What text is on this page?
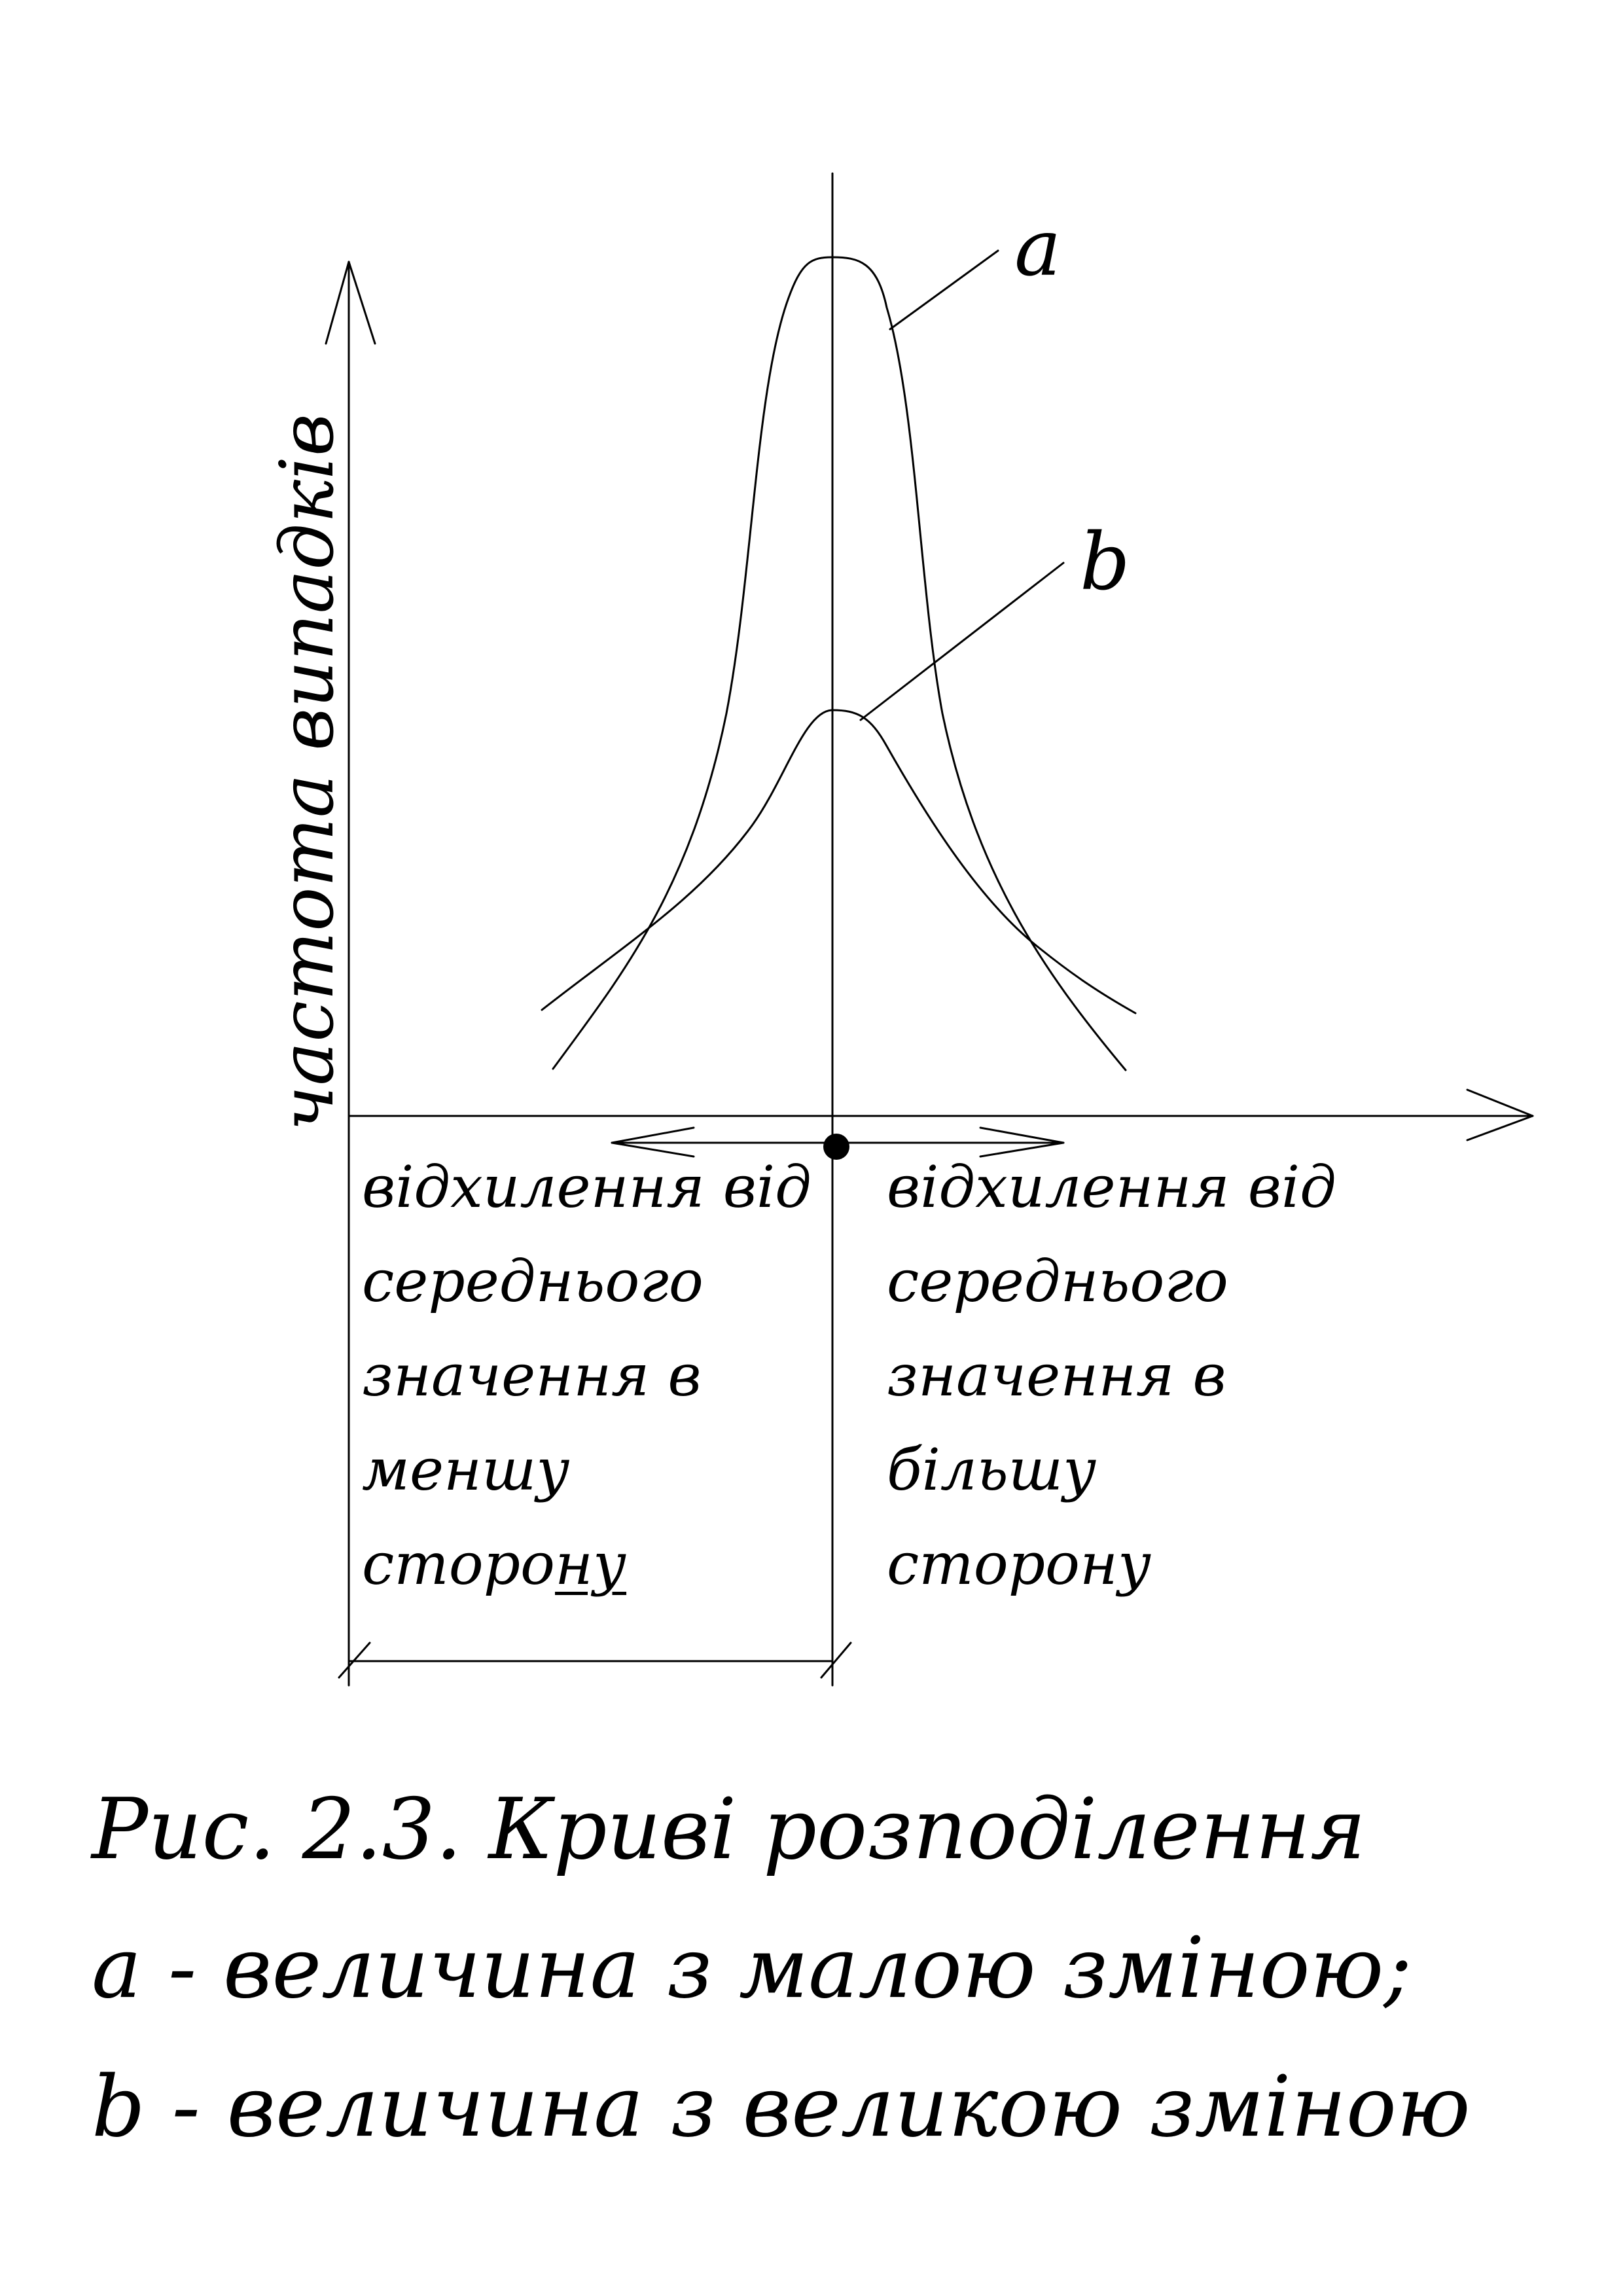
a
b
частота випадків
відхилення від
середнього
значення в
меншу
сторону
відхилення від
середнього
значення в
більшу
сторону
Рис. 2.3. Криві розподілення
a - величина з малою зміною;
b - величина з великою зміною
